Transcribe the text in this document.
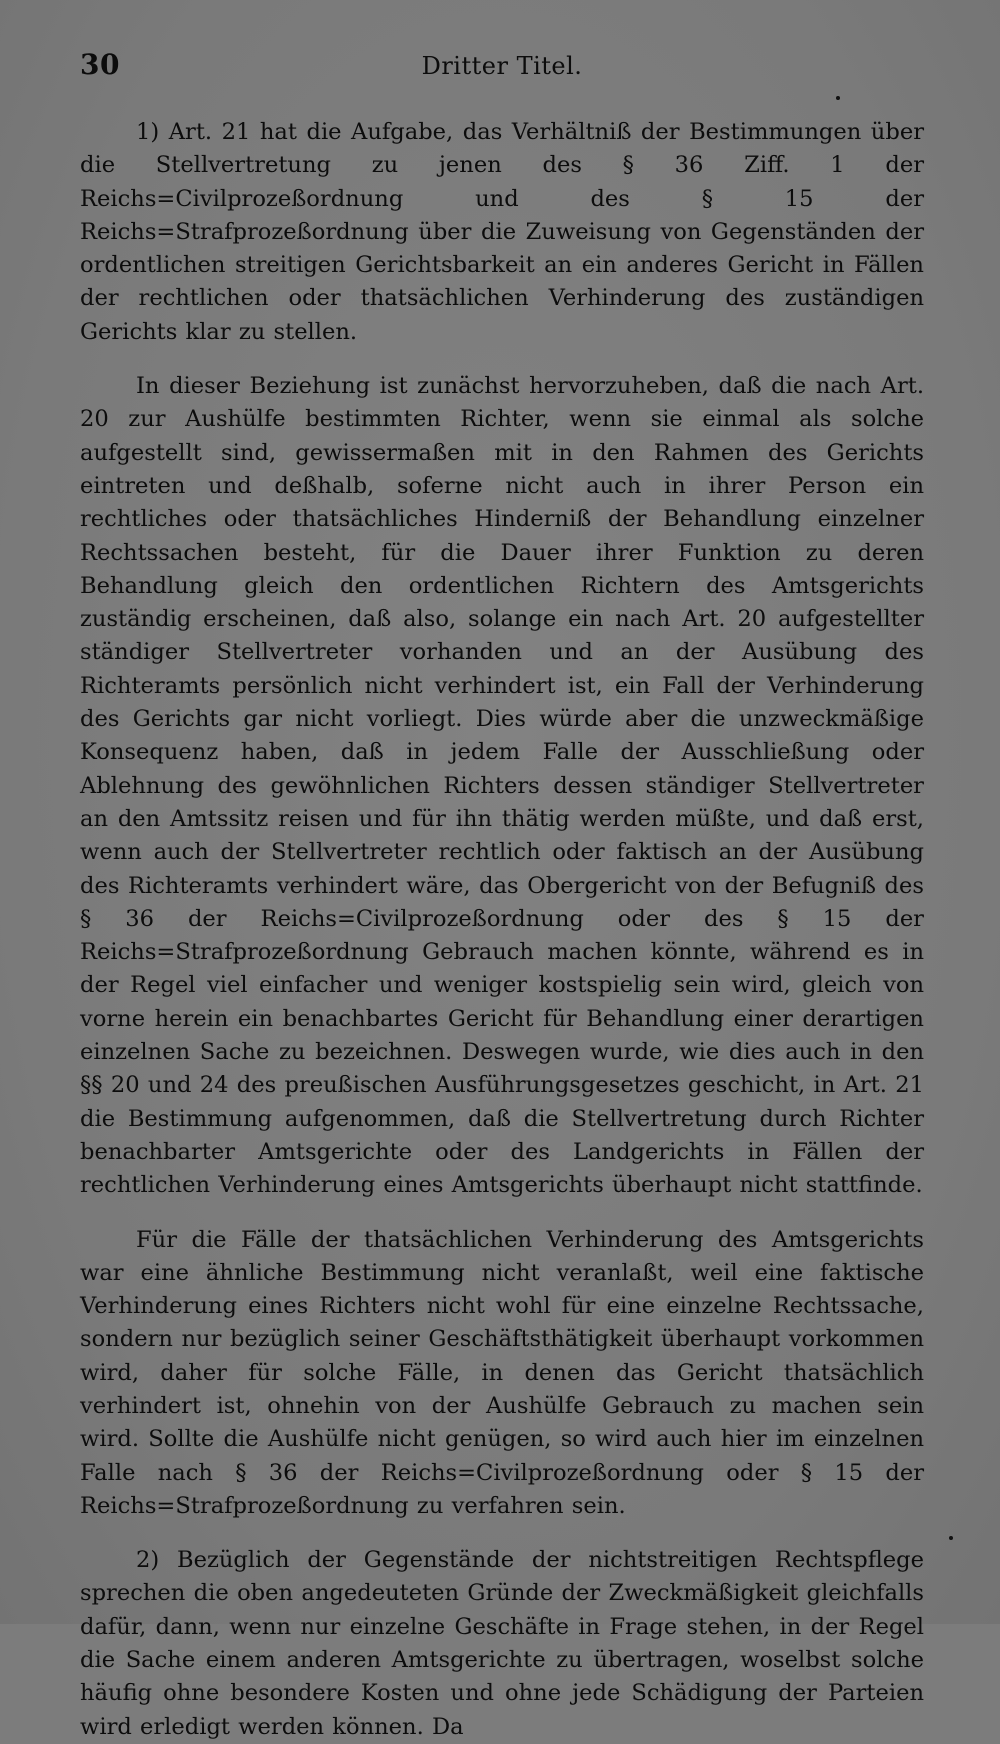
30	Dritter Titel.

1) Art. 21 hat die Aufgabe, das Verhältniß der Bestimmungen über die Stellvertretung zu jenen des § 36 Ziff. 1 der Reichs=Civilprozeßordnung und des § 15 der Reichs=Strafprozeßordnung über die Zuweisung von Gegenständen der ordentlichen streitigen Gerichtsbarkeit an ein anderes Gericht in Fällen der rechtlichen oder thatsächlichen Verhinderung des zuständigen Gerichts klar zu stellen.

In dieser Beziehung ist zunächst hervorzuheben, daß die nach Art. 20 zur Aushülfe bestimmten Richter, wenn sie einmal als solche aufgestellt sind, gewissermaßen mit in den Rahmen des Gerichts eintreten und deßhalb, soferne nicht auch in ihrer Person ein rechtliches oder thatsächliches Hinderniß der Behandlung einzelner Rechtssachen besteht, für die Dauer ihrer Funktion zu deren Behandlung gleich den ordentlichen Richtern des Amtsgerichts zuständig erscheinen, daß also, solange ein nach Art. 20 aufgestellter ständiger Stellvertreter vorhanden und an der Ausübung des Richteramts persönlich nicht verhindert ist, ein Fall der Verhinderung des Gerichts gar nicht vorliegt. Dies würde aber die unzweckmäßige Konsequenz haben, daß in jedem Falle der Ausschließung oder Ablehnung des gewöhnlichen Richters dessen ständiger Stellvertreter an den Amtssitz reisen und für ihn thätig werden müßte, und daß erst, wenn auch der Stellvertreter rechtlich oder faktisch an der Ausübung des Richteramts verhindert wäre, das Obergericht von der Befugniß des § 36 der Reichs=Civilprozeßordnung oder des § 15 der Reichs=Strafprozeßordnung Gebrauch machen könnte, während es in der Regel viel einfacher und weniger kostspielig sein wird, gleich von vorne herein ein benachbartes Gericht für Behandlung einer derartigen einzelnen Sache zu bezeichnen. Deswegen wurde, wie dies auch in den §§ 20 und 24 des preußischen Ausführungsgesetzes geschicht, in Art. 21 die Bestimmung aufgenommen, daß die Stellvertretung durch Richter benachbarter Amtsgerichte oder des Landgerichts in Fällen der rechtlichen Verhinderung eines Amtsgerichts überhaupt nicht stattfinde.

Für die Fälle der thatsächlichen Verhinderung des Amtsgerichts war eine ähnliche Bestimmung nicht veranlaßt, weil eine faktische Verhinderung eines Richters nicht wohl für eine einzelne Rechtssache, sondern nur bezüglich seiner Geschäftsthätigkeit überhaupt vorkommen wird, daher für solche Fälle, in denen das Gericht thatsächlich verhindert ist, ohnehin von der Aushülfe Gebrauch zu machen sein wird. Sollte die Aushülfe nicht genügen, so wird auch hier im einzelnen Falle nach § 36 der Reichs=Civilprozeßordnung oder § 15 der Reichs=Strafprozeßordnung zu verfahren sein.

2) Bezüglich der Gegenstände der nichtstreitigen Rechtspflege sprechen die oben angedeuteten Gründe der Zweckmäßigkeit gleichfalls dafür, dann, wenn nur einzelne Geschäfte in Frage stehen, in der Regel die Sache einem anderen Amtsgerichte zu übertragen, woselbst solche häufig ohne besondere Kosten und ohne jede Schädigung der Parteien wird erledigt werden können. Da
